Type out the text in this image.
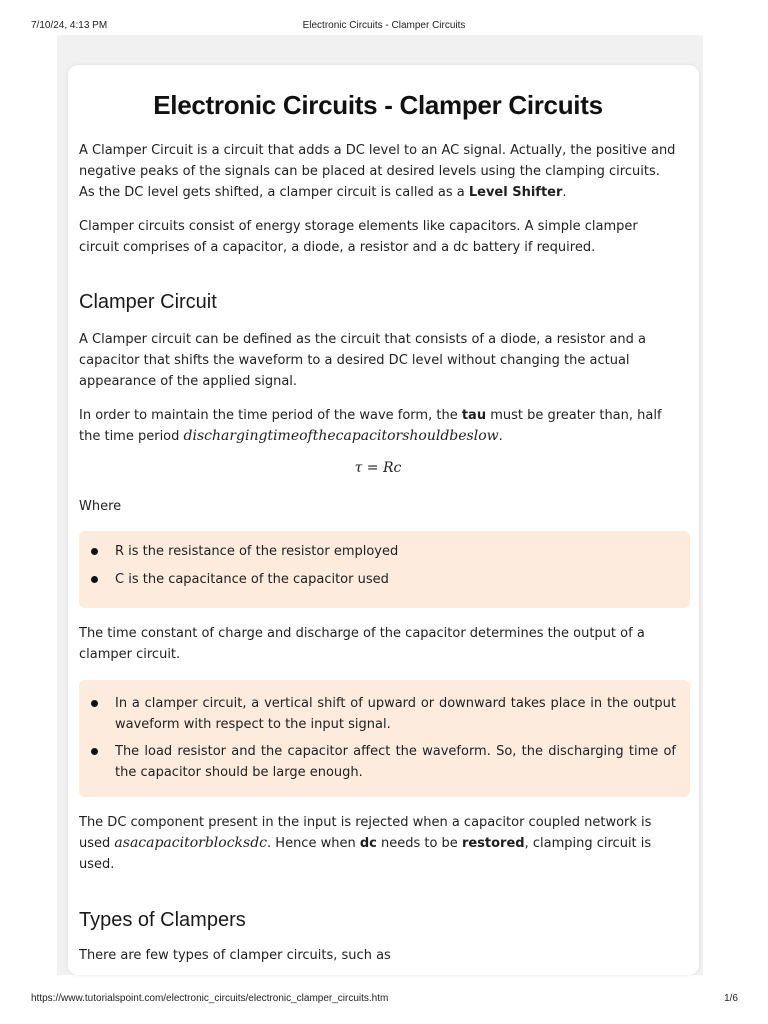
7/10/24, 4:13 PM	Electronic Circuits - Clamper Circuits
Electronic Circuits - Clamper Circuits

A Clamper Circuit is a circuit that adds a DC level to an AC signal. Actually, the positive and negative peaks of the signals can be placed at desired levels using the clamping circuits. As the DC level gets shifted, a clamper circuit is called as a Level Shifter.

Clamper circuits consist of energy storage elements like capacitors. A simple clamper circuit comprises of a capacitor, a diode, a resistor and a dc battery if required.

Clamper Circuit

A Clamper circuit can be defined as the circuit that consists of a diode, a resistor and a capacitor that shifts the waveform to a desired DC level without changing the actual appearance of the applied signal.

In order to maintain the time period of the wave form, the tau must be greater than, half the time period dischargingtimeofthecapacitorshouldbeslow.

τ = Rc

Where

R is the resistance of the resistor employed
C is the capacitance of the capacitor used

The time constant of charge and discharge of the capacitor determines the output of a clamper circuit.

In a clamper circuit, a vertical shift of upward or downward takes place in the output waveform with respect to the input signal.
The load resistor and the capacitor affect the waveform. So, the discharging time of the capacitor should be large enough.

The DC component present in the input is rejected when a capacitor coupled network is used asacapacitorblocksdc. Hence when dc needs to be restored, clamping circuit is used.

Types of Clampers

There are few types of clamper circuits, such as

https://www.tutorialspoint.com/electronic_circuits/electronic_clamper_circuits.htm	1/6
